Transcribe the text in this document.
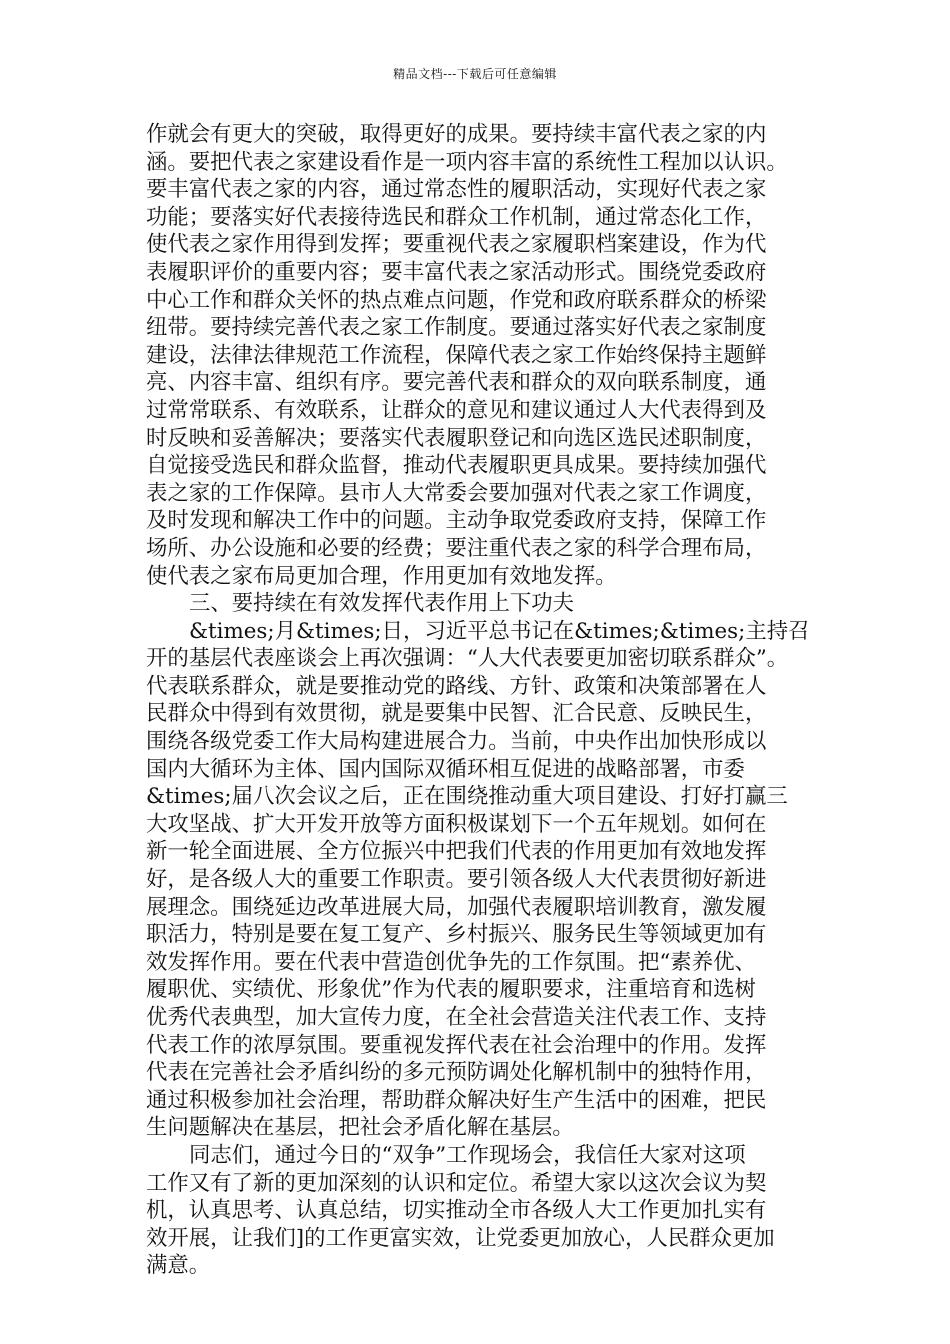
精品文档---下载后可任意编辑
作就会有更大的突破，取得更好的成果。要持续丰富代表之家的内
涵。要把代表之家建设看作是一项内容丰富的系统性工程加以认识。
要丰富代表之家的内容，通过常态性的履职活动，实现好代表之家
功能；要落实好代表接待选民和群众工作机制，通过常态化工作，
使代表之家作用得到发挥；要重视代表之家履职档案建设，作为代
表履职评价的重要内容；要丰富代表之家活动形式。围绕党委政府
中心工作和群众关怀的热点难点问题，作党和政府联系群众的桥梁
纽带。要持续完善代表之家工作制度。要通过落实好代表之家制度
建设，法律法律规范工作流程，保障代表之家工作始终保持主题鲜
亮、内容丰富、组织有序。要完善代表和群众的双向联系制度，通
过常常联系、有效联系，让群众的意见和建议通过人大代表得到及
时反映和妥善解决；要落实代表履职登记和向选区选民述职制度，
自觉接受选民和群众监督，推动代表履职更具成果。要持续加强代
表之家的工作保障。县市人大常委会要加强对代表之家工作调度，
及时发现和解决工作中的问题。主动争取党委政府支持，保障工作
场所、办公设施和必要的经费；要注重代表之家的科学合理布局，
使代表之家布局更加合理，作用更加有效地发挥。
三、要持续在有效发挥代表作用上下功夫
&times;月&times;日，习近平总书记在&times;&times;主持召
开的基层代表座谈会上再次强调：“人大代表要更加密切联系群众”。
代表联系群众，就是要推动党的路线、方针、政策和决策部署在人
民群众中得到有效贯彻，就是要集中民智、汇合民意、反映民生，
围绕各级党委工作大局构建进展合力。当前，中央作出加快形成以
国内大循环为主体、国内国际双循环相互促进的战略部署，市委
&times;届八次会议之后，正在围绕推动重大项目建设、打好打赢三
大攻坚战、扩大开发开放等方面积极谋划下一个五年规划。如何在
新一轮全面进展、全方位振兴中把我们代表的作用更加有效地发挥
好，是各级人大的重要工作职责。要引领各级人大代表贯彻好新进
展理念。围绕延边改革进展大局，加强代表履职培训教育，激发履
职活力，特别是要在复工复产、乡村振兴、服务民生等领域更加有
效发挥作用。要在代表中营造创优争先的工作氛围。把“素养优、
履职优、实绩优、形象优”作为代表的履职要求，注重培育和选树
优秀代表典型，加大宣传力度，在全社会营造关注代表工作、支持
代表工作的浓厚氛围。要重视发挥代表在社会治理中的作用。发挥
代表在完善社会矛盾纠纷的多元预防调处化解机制中的独特作用，
通过积极参加社会治理，帮助群众解决好生产生活中的困难，把民
生问题解决在基层，把社会矛盾化解在基层。
同志们，通过今日的“双争”工作现场会，我信任大家对这项
工作又有了新的更加深刻的认识和定位。希望大家以这次会议为契
机，认真思考、认真总结，切实推动全市各级人大工作更加扎实有
效开展，让我们]的工作更富实效，让党委更加放心，人民群众更加
满意。
